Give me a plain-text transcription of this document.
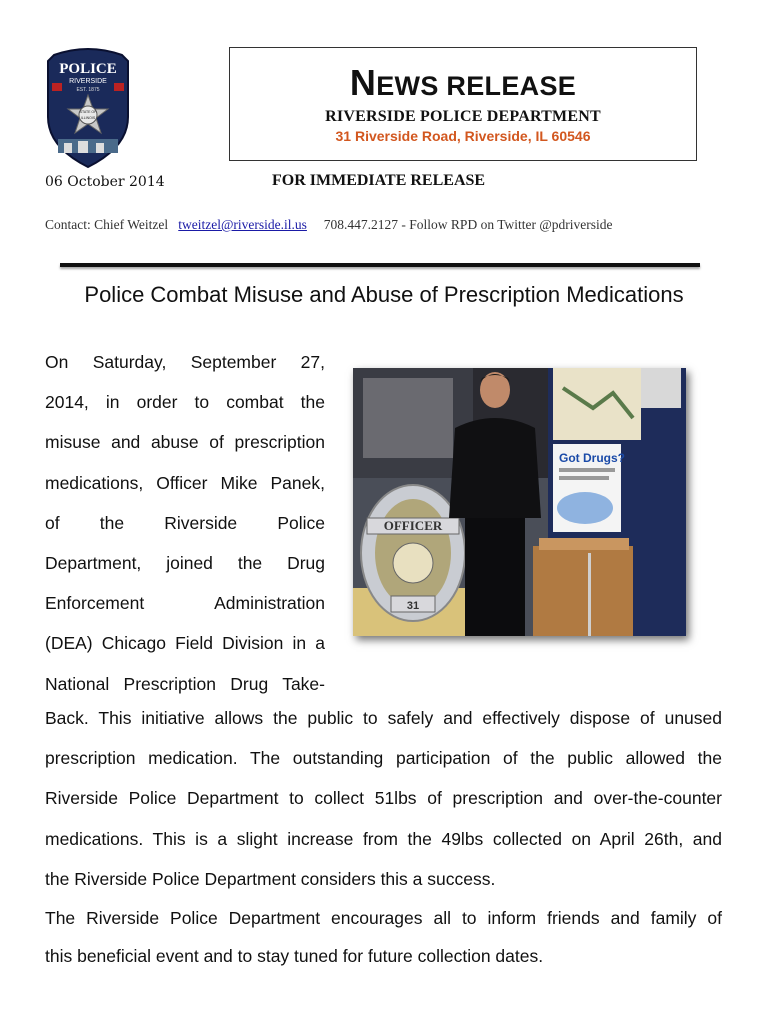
POLICE
RIVERSIDE
EST. 1875
STATE OF
ILLINOIS
NEWS RELEASE
RIVERSIDE POLICE DEPARTMENT
31 Riverside Road, Riverside, IL 60546
06 October 2014	FOR IMMEDIATE RELEASE
Contact: Chief Weitzel tweitzel@riverside.il.us 708.447.2127 - Follow RPD on Twitter @pdriverside
Police Combat Misuse and Abuse of Prescription Medications
On Saturday, September 27,
2014, in order to combat the
misuse and abuse of prescription
medications, Officer Mike Panek,
of the Riverside Police
Department, joined the Drug
Enforcement Administration
(DEA) Chicago Field Division in a
National Prescription Drug Take-
Got Drugs?
OFFICER
31
Back. This initiative allows the public to safely and effectively dispose of unused
prescription medication. The outstanding participation of the public allowed the
Riverside Police Department to collect 51lbs of prescription and over-the-counter
medications. This is a slight increase from the 49lbs collected on April 26th, and
the Riverside Police Department considers this a success.
The Riverside Police Department encourages all to inform friends and family of
this beneficial event and to stay tuned for future collection dates.
